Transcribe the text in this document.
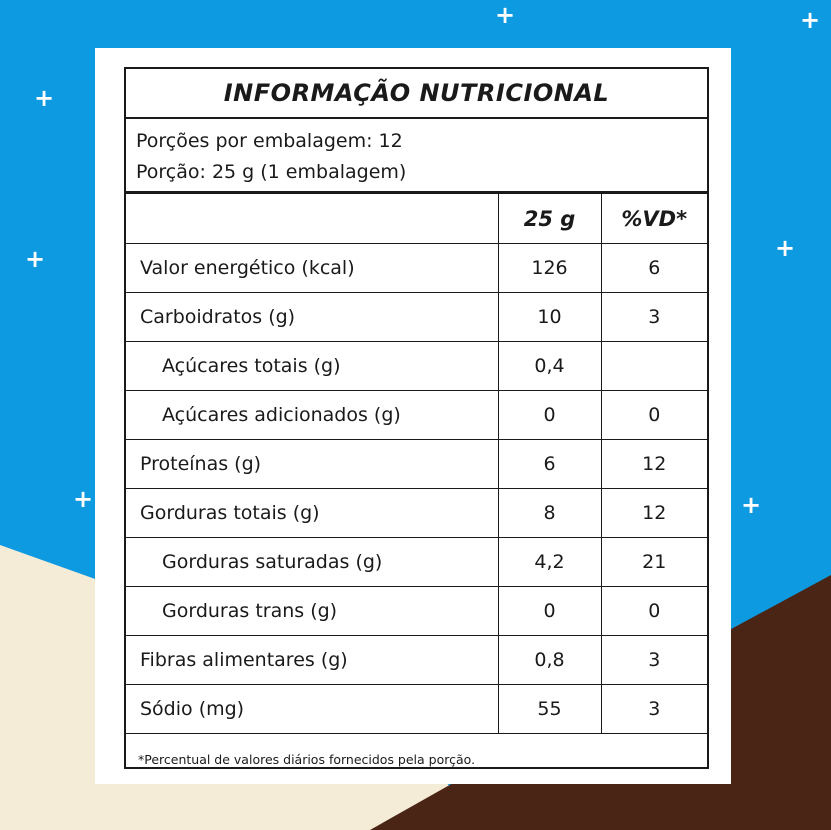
+	+
+
+	+
+	+
INFORMAÇÃO NUTRICIONAL
Porções por embalagem: 12
Porção: 25 g (1 embalagem)
	25 g	%VD*
Valor energético (kcal)	126	6
Carboidratos (g)	10	3
Açúcares totais (g)	0,4	
Açúcares adicionados (g)	0	0
Proteínas (g)	6	12
Gorduras totais (g)	8	12
Gorduras saturadas (g)	4,2	21
Gorduras trans (g)	0	0
Fibras alimentares (g)	0,8	3
Sódio (mg)	55	3
*Percentual de valores diários fornecidos pela porção.
